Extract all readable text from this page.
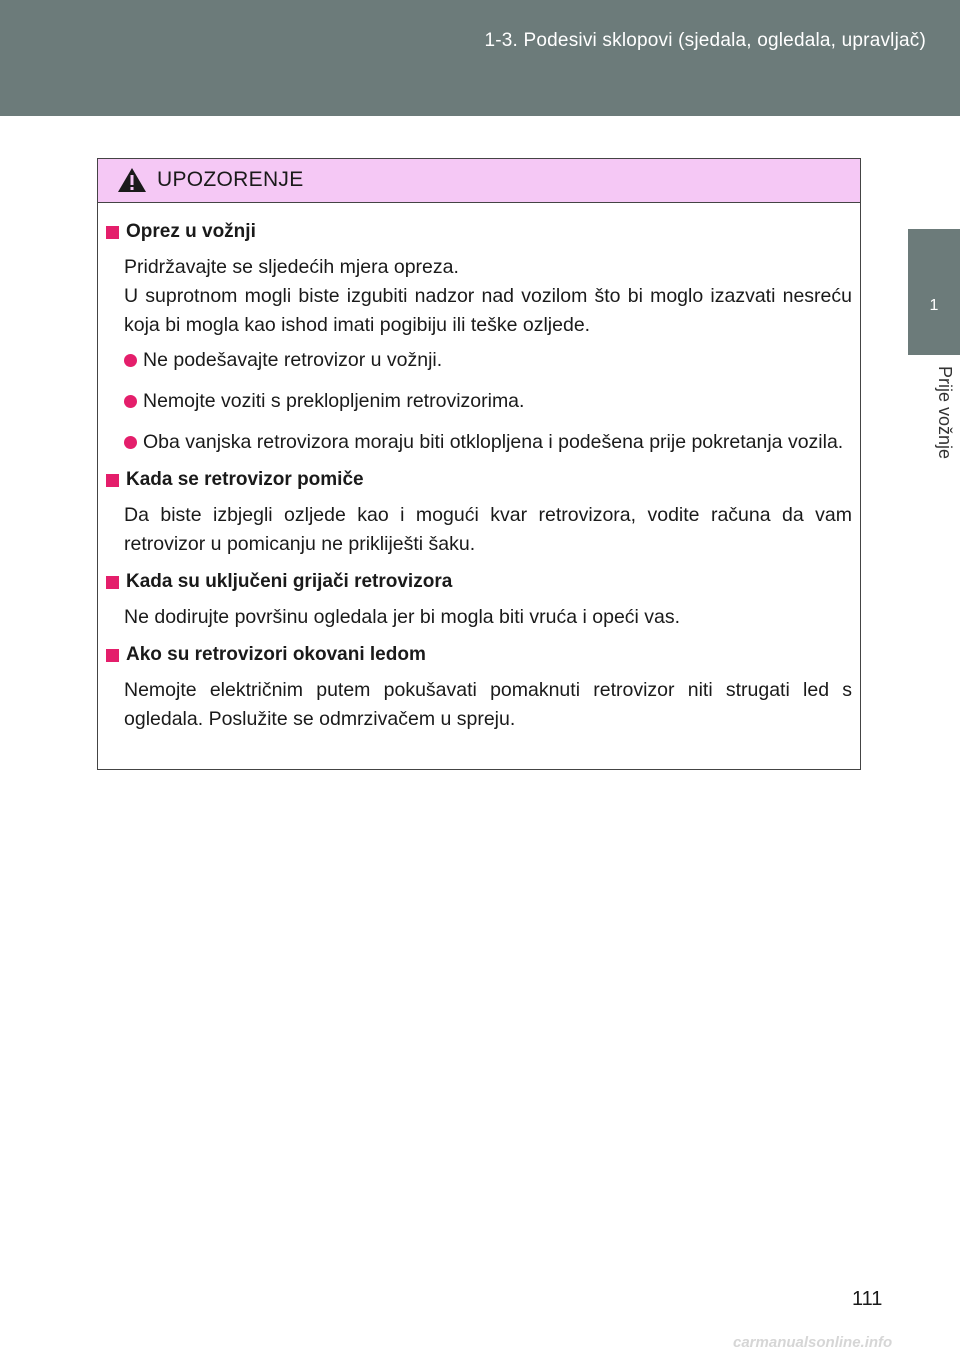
1-3. Podesivi sklopovi (sjedala, ogledala, upravljač)
1
Prije vožnje
UPOZORENJE
Oprez u vožnji
Pridržavajte se sljedećih mjera opreza.

U suprotnom mogli biste izgubiti nadzor nad vozilom što bi moglo izazvati nesreću koja bi mogla kao ishod imati pogibiju ili teške ozljede.
Ne podešavajte retrovizor u vožnji.
Nemojte voziti s preklopljenim retrovizorima.
Oba vanjska retrovizora moraju biti otklopljena i podešena prije pokretanja vozila.
Kada se retrovizor pomiče
Da biste izbjegli ozljede kao i mogući kvar retrovizora, vodite računa da vam retrovizor u pomicanju ne prikliješti šaku.
Kada su uključeni grijači retrovizora
Ne dodirujte površinu ogledala jer bi mogla biti vruća i opeći vas.
Ako su retrovizori okovani ledom
Nemojte električnim putem pokušavati pomaknuti retrovizor niti strugati led s ogledala. Poslužite se odmrzivačem u spreju.
111
carmanualsonline.info
